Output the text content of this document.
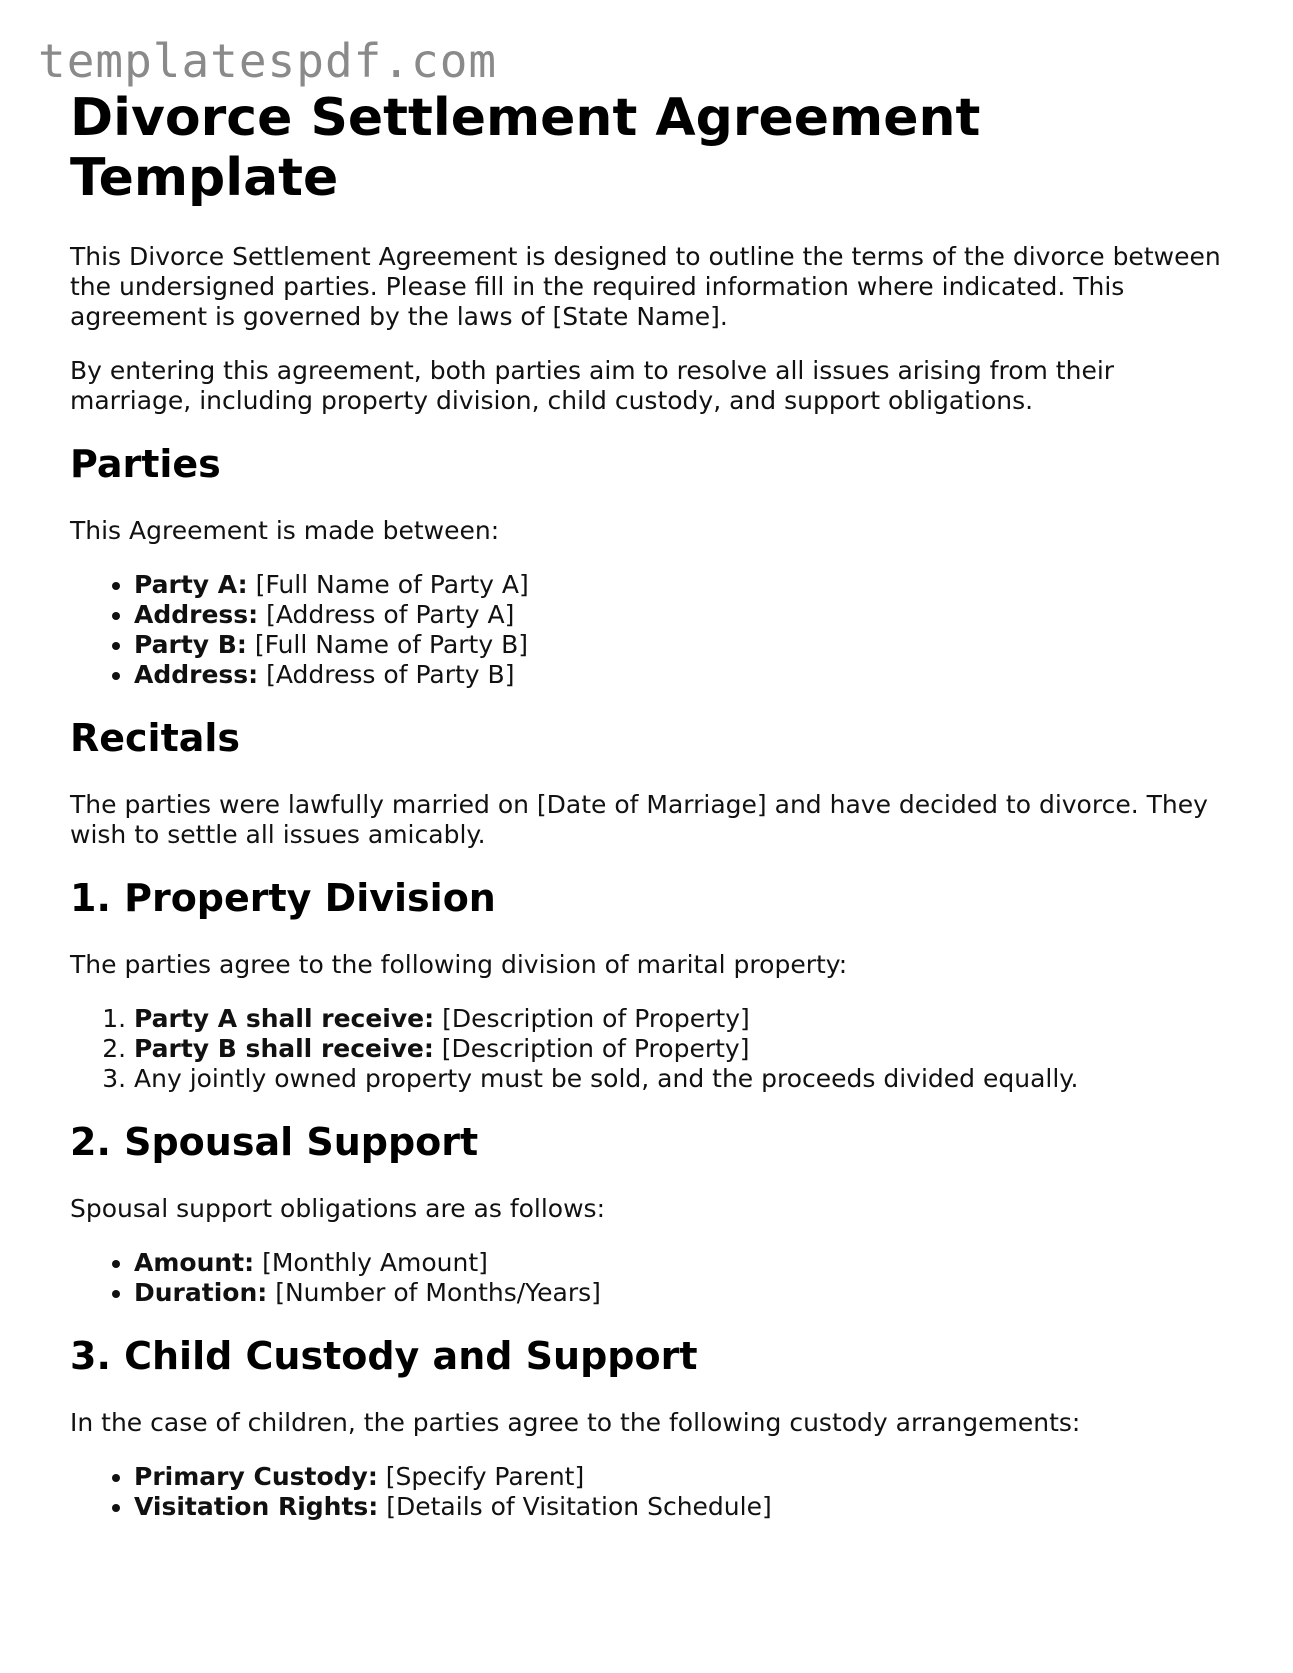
templatespdf.com
Divorce Settlement Agreement Template

This Divorce Settlement Agreement is designed to outline the terms of the divorce between the undersigned parties. Please fill in the required information where indicated. This agreement is governed by the laws of [State Name].

By entering this agreement, both parties aim to resolve all issues arising from their marriage, including property division, child custody, and support obligations.

Parties

This Agreement is made between:

• Party A: [Full Name of Party A]
• Address: [Address of Party A]
• Party B: [Full Name of Party B]
• Address: [Address of Party B]
Recitals

The parties were lawfully married on [Date of Marriage] and have decided to divorce. They wish to settle all issues amicably.

1. Property Division

The parties agree to the following division of marital property:

1. Party A shall receive: [Description of Property]
2. Party B shall receive: [Description of Property]
3. Any jointly owned property must be sold, and the proceeds divided equally.
2. Spousal Support

Spousal support obligations are as follows:

• Amount: [Monthly Amount]
• Duration: [Number of Months/Years]
3. Child Custody and Support

In the case of children, the parties agree to the following custody arrangements:

• Primary Custody: [Specify Parent]
• Visitation Rights: [Details of Visitation Schedule]
